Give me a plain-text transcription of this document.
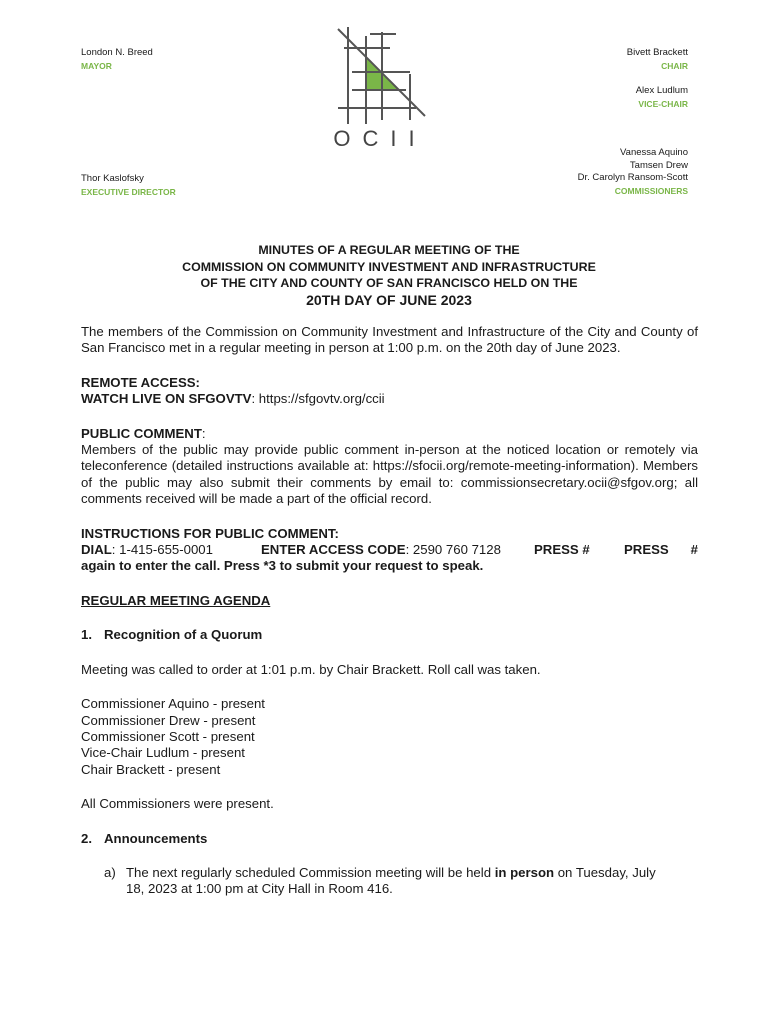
London N. Breed
MAYOR
Thor Kaslofsky
EXECUTIVE DIRECTOR
Bivett Brackett
CHAIR
Alex Ludlum
VICE-CHAIR
Vanessa Aquino
Tamsen Drew
Dr. Carolyn Ransom-Scott
COMMISSIONERS
OCII
MINUTES OF A REGULAR MEETING OF THE
COMMISSION ON COMMUNITY INVESTMENT AND INFRASTRUCTURE
OF THE CITY AND COUNTY OF SAN FRANCISCO HELD ON THE
20TH DAY OF JUNE 2023

The members of the Commission on Community Investment and Infrastructure of the City and County of San Francisco met in a regular meeting in person at 1:00 p.m. on the 20th day of June 2023.

REMOTE ACCESS:

WATCH LIVE ON SFGOVTV: https://sfgovtv.org/ccii

PUBLIC COMMENT:

Members of the public may provide public comment in-person at the noticed location or remotely via teleconference (detailed instructions available at: https://sfocii.org/remote-meeting-information). Members of the public may also submit their comments by email to: commissionsecretary.ocii@sfgov.org; all comments received will be made a part of the official record.

INSTRUCTIONS FOR PUBLIC COMMENT:

DIAL: 1-415-655-0001	ENTER ACCESS CODE: 2590 760 7128	PRESS #	PRESS #

again to enter the call. Press *3 to submit your request to speak.

REGULAR MEETING AGENDA

1. Recognition of a Quorum

Meeting was called to order at 1:01 p.m. by Chair Brackett. Roll call was taken.

Commissioner Aquino - present

Commissioner Drew - present

Commissioner Scott - present

Vice-Chair Ludlum - present

Chair Brackett - present

All Commissioners were present.

2. Announcements

a) The next regularly scheduled Commission meeting will be held in person on Tuesday, July 18, 2023 at 1:00 pm at City Hall in Room 416.
